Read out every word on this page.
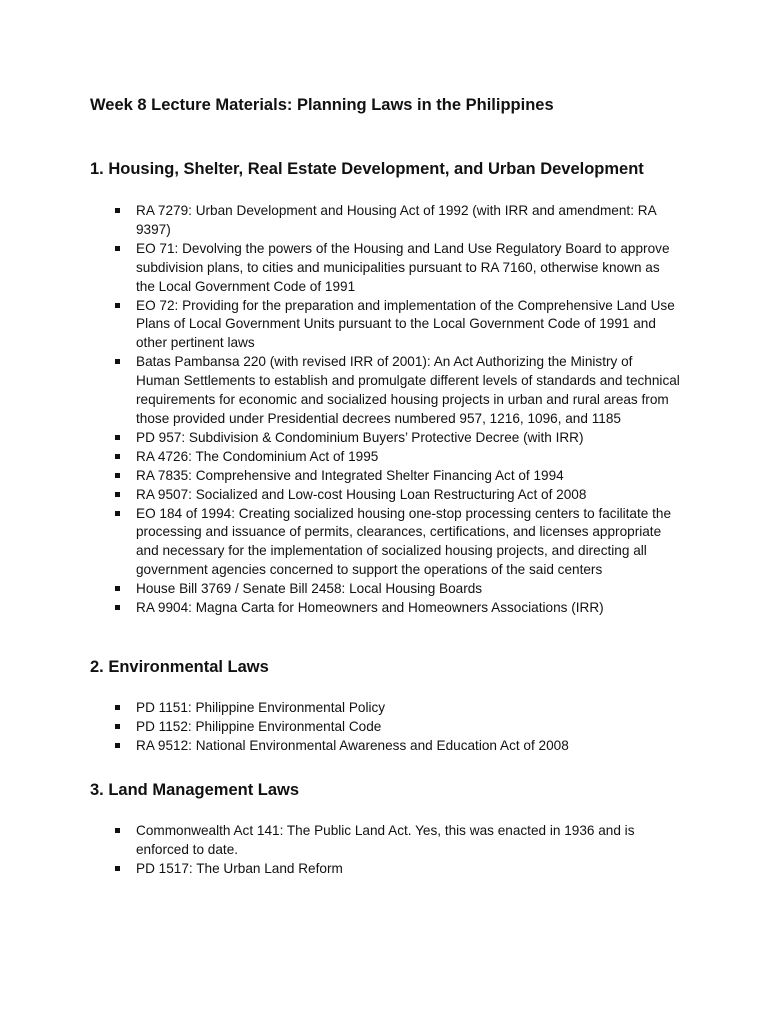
Week 8 Lecture Materials: Planning Laws in the Philippines
1. Housing, Shelter, Real Estate Development, and Urban Development
RA 7279: Urban Development and Housing Act of 1992 (with IRR and amendment: RA 9397)
EO 71: Devolving the powers of the Housing and Land Use Regulatory Board to approve subdivision plans, to cities and municipalities pursuant to RA 7160, otherwise known as the Local Government Code of 1991
EO 72: Providing for the preparation and implementation of the Comprehensive Land Use Plans of Local Government Units pursuant to the Local Government Code of 1991 and other pertinent laws
Batas Pambansa 220 (with revised IRR of 2001): An Act Authorizing the Ministry of Human Settlements to establish and promulgate different levels of standards and technical requirements for economic and socialized housing projects in urban and rural areas from those provided under Presidential decrees numbered 957, 1216, 1096, and 1185
PD 957: Subdivision & Condominium Buyers’ Protective Decree (with IRR)
RA 4726: The Condominium Act of 1995
RA 7835: Comprehensive and Integrated Shelter Financing Act of 1994
RA 9507: Socialized and Low-cost Housing Loan Restructuring Act of 2008
EO 184 of 1994: Creating socialized housing one-stop processing centers to facilitate the processing and issuance of permits, clearances, certifications, and licenses appropriate and necessary for the implementation of socialized housing projects, and directing all government agencies concerned to support the operations of the said centers
House Bill 3769 / Senate Bill 2458: Local Housing Boards
RA 9904: Magna Carta for Homeowners and Homeowners Associations (IRR)
2. Environmental Laws
PD 1151: Philippine Environmental Policy
PD 1152: Philippine Environmental Code
RA 9512: National Environmental Awareness and Education Act of 2008
3. Land Management Laws
Commonwealth Act 141: The Public Land Act. Yes, this was enacted in 1936 and is enforced to date.
PD 1517: The Urban Land Reform
